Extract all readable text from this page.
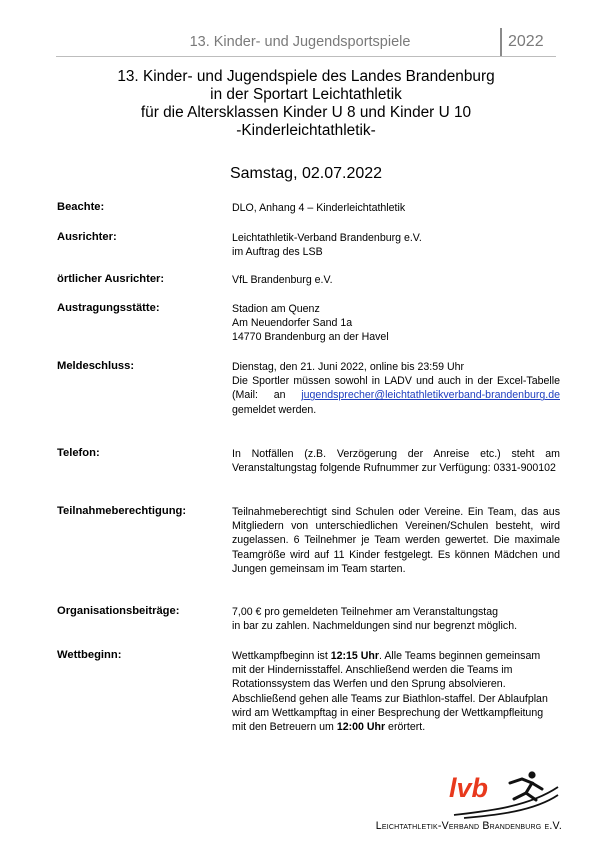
13. Kinder- und Jugendsportspiele	2022
13. Kinder- und Jugendspiele des Landes Brandenburg
in der Sportart Leichtathletik
für die Altersklassen Kinder U 8 und Kinder U 10
-Kinderleichtathletik-
Samstag, 02.07.2022
Beachte:	DLO, Anhang 4 – Kinderleichtathletik
Ausrichter:	Leichtathletik-Verband Brandenburg e.V.
im Auftrag des LSB
örtlicher Ausrichter:	VfL Brandenburg e.V.
Austragungsstätte:	Stadion am Quenz
Am Neuendorfer Sand 1a
14770 Brandenburg an der Havel
Meldeschluss:	Dienstag, den 21. Juni 2022, online bis 23:59 Uhr
Die Sportler müssen sowohl in LADV und auch in der Excel-Tabelle (Mail: an jugendsprecher@leichtathletikverband-brandenburg.de gemeldet werden.
Telefon:	In Notfällen (z.B. Verzögerung der Anreise etc.) steht am Veranstaltungstag folgende Rufnummer zur Verfügung: 0331-900102
Teilnahmeberechtigung:	Teilnahmeberechtigt sind Schulen oder Vereine. Ein Team, das aus Mitgliedern von unterschiedlichen Vereinen/Schulen besteht, wird zugelassen. 6 Teilnehmer je Team werden gewertet. Die maximale Teamgröße wird auf 11 Kinder festgelegt. Es können Mädchen und Jungen gemeinsam im Team starten.
Organisationsbeiträge:	7,00 € pro gemeldeten Teilnehmer am Veranstaltungstag
in bar zu zahlen. Nachmeldungen sind nur begrenzt möglich.
Wettbeginn:	Wettkampfbeginn ist 12:15 Uhr. Alle Teams beginnen gemeinsam mit der Hindernisstaffel. Anschließend werden die Teams im Rotationssystem das Werfen und den Sprung absolvieren. Abschließend gehen alle Teams zur Biathlon-staffel. Der Ablaufplan wird am Wettkampftag in einer Besprechung der Wettkampfleitung mit den Betreuern um 12:00 Uhr erörtert.
lvb
Leichtathletik-Verband Brandenburg e.V.
